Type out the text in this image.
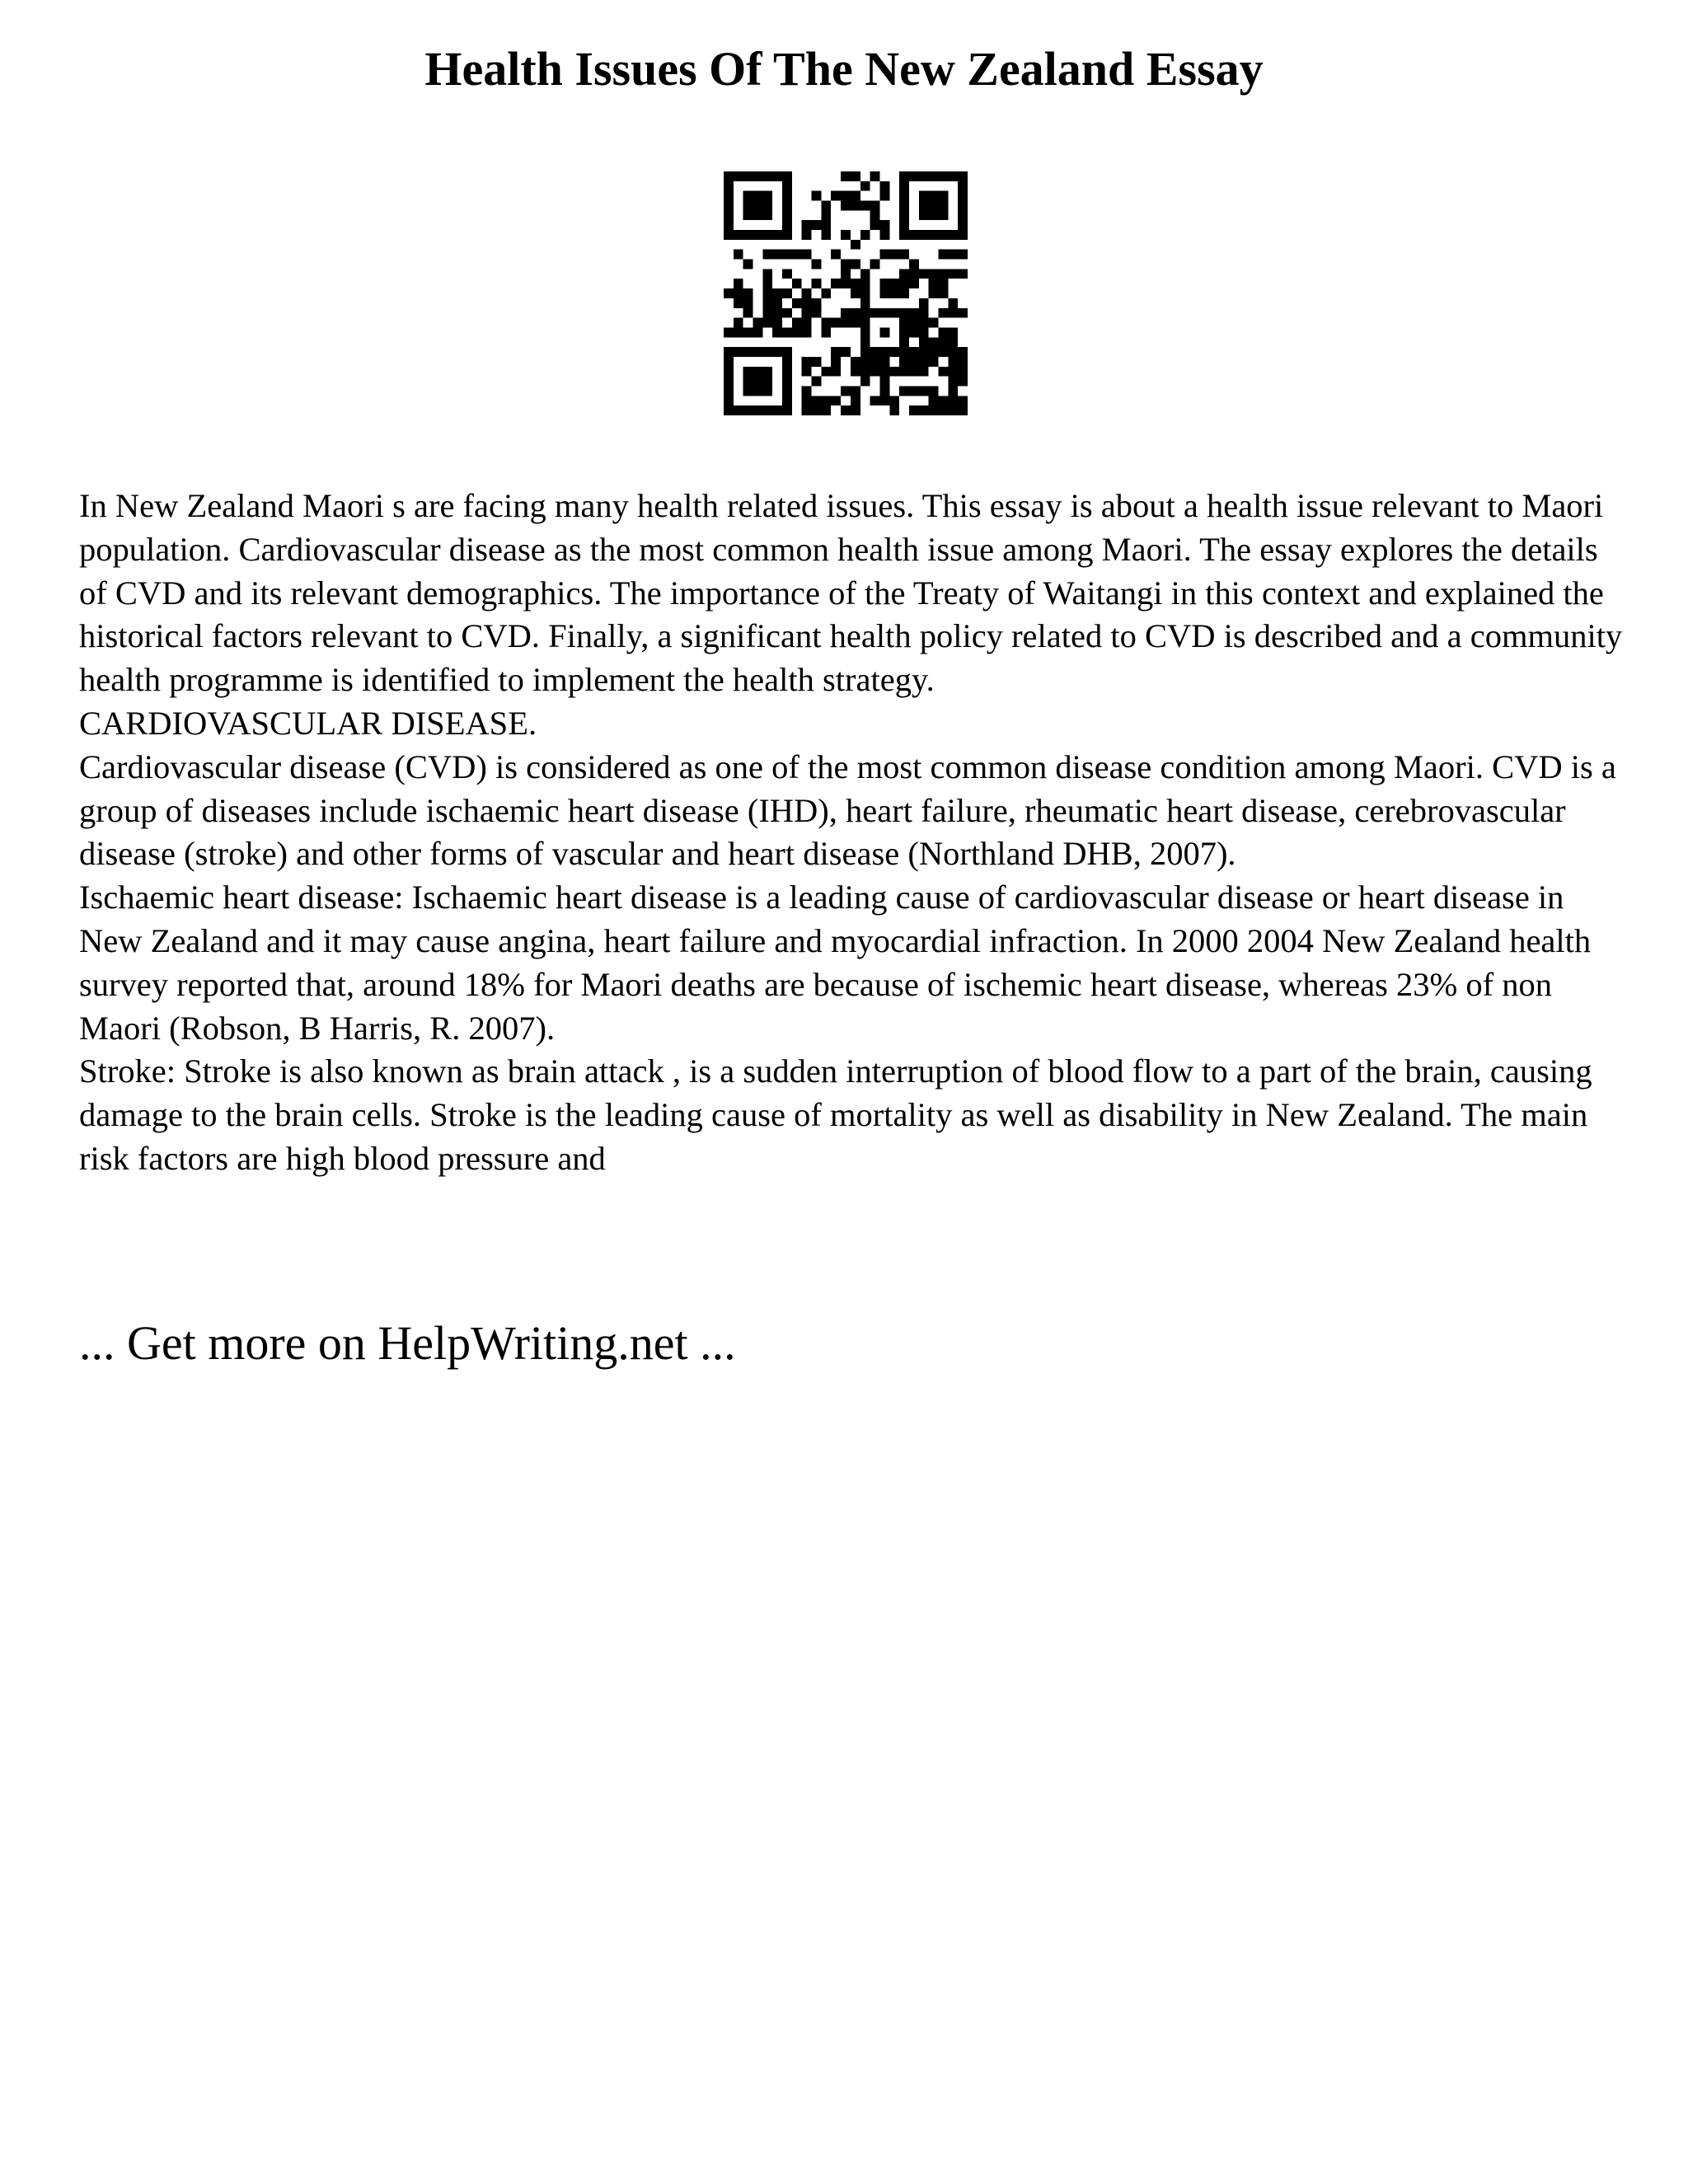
Health Issues Of The New Zealand Essay

In New Zealand Maori s are facing many health related issues. This essay is about a health issue relevant to Maori population. Cardiovascular disease as the most common health issue among Maori. The essay explores the details of CVD and its relevant demographics. The importance of the Treaty of Waitangi in this context and explained the historical factors relevant to CVD. Finally, a significant health policy related to CVD is described and a community health programme is identified to implement the health strategy.

CARDIOVASCULAR DISEASE.

Cardiovascular disease (CVD) is considered as one of the most common disease condition among Maori. CVD is a group of diseases include ischaemic heart disease (IHD), heart failure, rheumatic heart disease, cerebrovascular disease (stroke) and other forms of vascular and heart disease (Northland DHB, 2007).

Ischaemic heart disease: Ischaemic heart disease is a leading cause of cardiovascular disease or heart disease in New Zealand and it may cause angina, heart failure and myocardial infraction. In 2000 2004 New Zealand health survey reported that, around 18% for Maori deaths are because of ischemic heart disease, whereas 23% of non Maori (Robson, B Harris, R. 2007).

Stroke: Stroke is also known as brain attack , is a sudden interruption of blood flow to a part of the brain, causing damage to the brain cells. Stroke is the leading cause of mortality as well as disability in New Zealand. The main risk factors are high blood pressure and

... Get more on HelpWriting.net ...
